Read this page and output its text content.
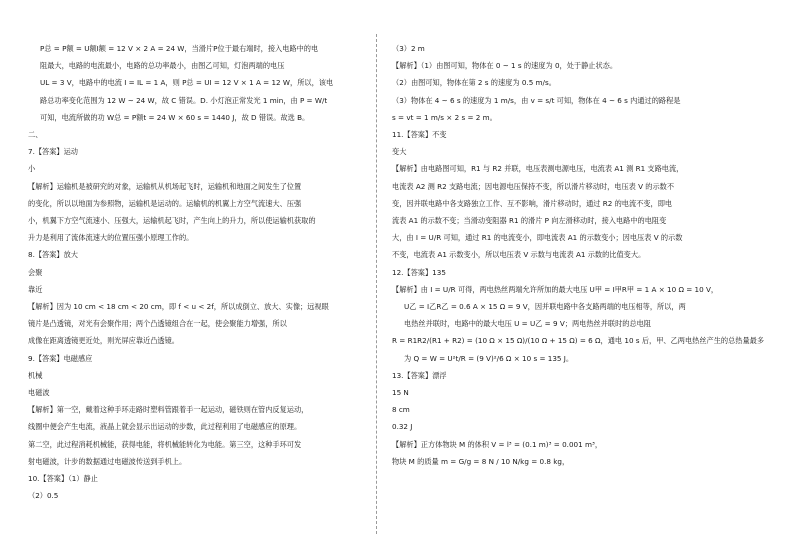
P总 = P额 = U额I额 = 12 V × 2 A = 24 W，当滑片P位于最右端时，接入电路中的电
阻最大，电路的电流最小，电路的总功率最小，由图乙可知，灯泡两端的电压
UL = 3 V，电路中的电流 I = IL = 1 A，则 P总 = UI = 12 V × 1 A = 12 W，所以，该电
路总功率变化范围为 12 W ~ 24 W，故 C 错误。D. 小灯泡正常发光 1 min，由 P = W/t
可知，电流所做的功 W总 = P额t = 24 W × 60 s = 1440 J，故 D 错误。故选 B。
二、
7.【答案】运动
小
【解析】运输机是被研究的对象，运输机从机场起飞时，运输机和地面之间发生了位置
的变化，所以以地面为参照物，运输机是运动的。运输机的机翼上方空气流速大、压强
小，机翼下方空气流速小、压强大，运输机起飞时，产生向上的升力，所以使运输机获取的
升力是利用了流体流速大的位置压强小原理工作的。
8.【答案】放大
会聚
靠近
【解析】因为 10 cm < 18 cm < 20 cm，即 f < u < 2f，所以成倒立、放大、实像；远视眼
镜片是凸透镜，对光有会聚作用；两个凸透镜组合在一起，使会聚能力增强，所以
成像在距离透镜更近处，则光屏应靠近凸透镜。
9.【答案】电磁感应
机械
电磁波
【解析】第一空，戴着这种手环走路时塑料管跟着手一起运动，磁铁则在管内反复运动，
线圈中便会产生电流，液晶上就会显示出运动的步数，此过程利用了电磁感应的原理。
第二空，此过程消耗机械能，获得电能，将机械能转化为电能。第三空，这种手环可发
射电磁波，计步的数据通过电磁波传送到手机上。
10.【答案】（1）静止
（2）0.5
（3）2 m
【解析】（1）由图可知，物体在 0 ~ 1 s 的速度为 0，处于静止状态。
（2）由图可知，物体在第 2 s 的速度为 0.5 m/s。
（3）物体在 4 ~ 6 s 的速度为 1 m/s，由 v = s/t 可知，物体在 4 ~ 6 s 内通过的路程是
s = vt = 1 m/s × 2 s = 2 m。
11.【答案】不变
变大
【解析】由电路图可知，R1 与 R2 并联，电压表测电源电压，电流表 A1 测 R1 支路电流，
电流表 A2 测 R2 支路电流；因电源电压保持不变，所以滑片移动时，电压表 V 的示数不
变，因并联电路中各支路独立工作、互不影响，滑片移动时，通过 R2 的电流不变，即电
流表 A1 的示数不变；当滑动变阻器 R1 的滑片 P 向左滑移动时，接入电路中的电阻变
大，由 I = U/R 可知，通过 R1 的电流变小，即电流表 A1 的示数变小；因电压表 V 的示数
不变，电流表 A1 示数变小，所以电压表 V 示数与电流表 A1 示数的比值变大。
12.【答案】135
【解析】由 I = U/R 可得，两电热丝两端允许所加的最大电压 U甲 = I甲R甲 = 1 A × 10 Ω = 10 V，
U乙 = I乙R乙 = 0.6 A × 15 Ω = 9 V，因并联电路中各支路两端的电压相等，所以，两
电热丝并联时，电路中的最大电压 U = U乙 = 9 V；两电热丝并联时的总电阻
R = R1R2/(R1 + R2) = (10 Ω × 15 Ω)/(10 Ω + 15 Ω) = 6 Ω，通电 10 s 后，甲、乙两电热丝产生的总热量最多
为 Q = W = U²t/R = (9 V)²/6 Ω × 10 s = 135 J。
13.【答案】漂浮
15 N
8 cm
0.32 J
【解析】正方体物块 M 的体积 V = l³ = (0.1 m)³ = 0.001 m³，
物块 M 的质量 m = G/g = 8 N / 10 N/kg = 0.8 kg，
